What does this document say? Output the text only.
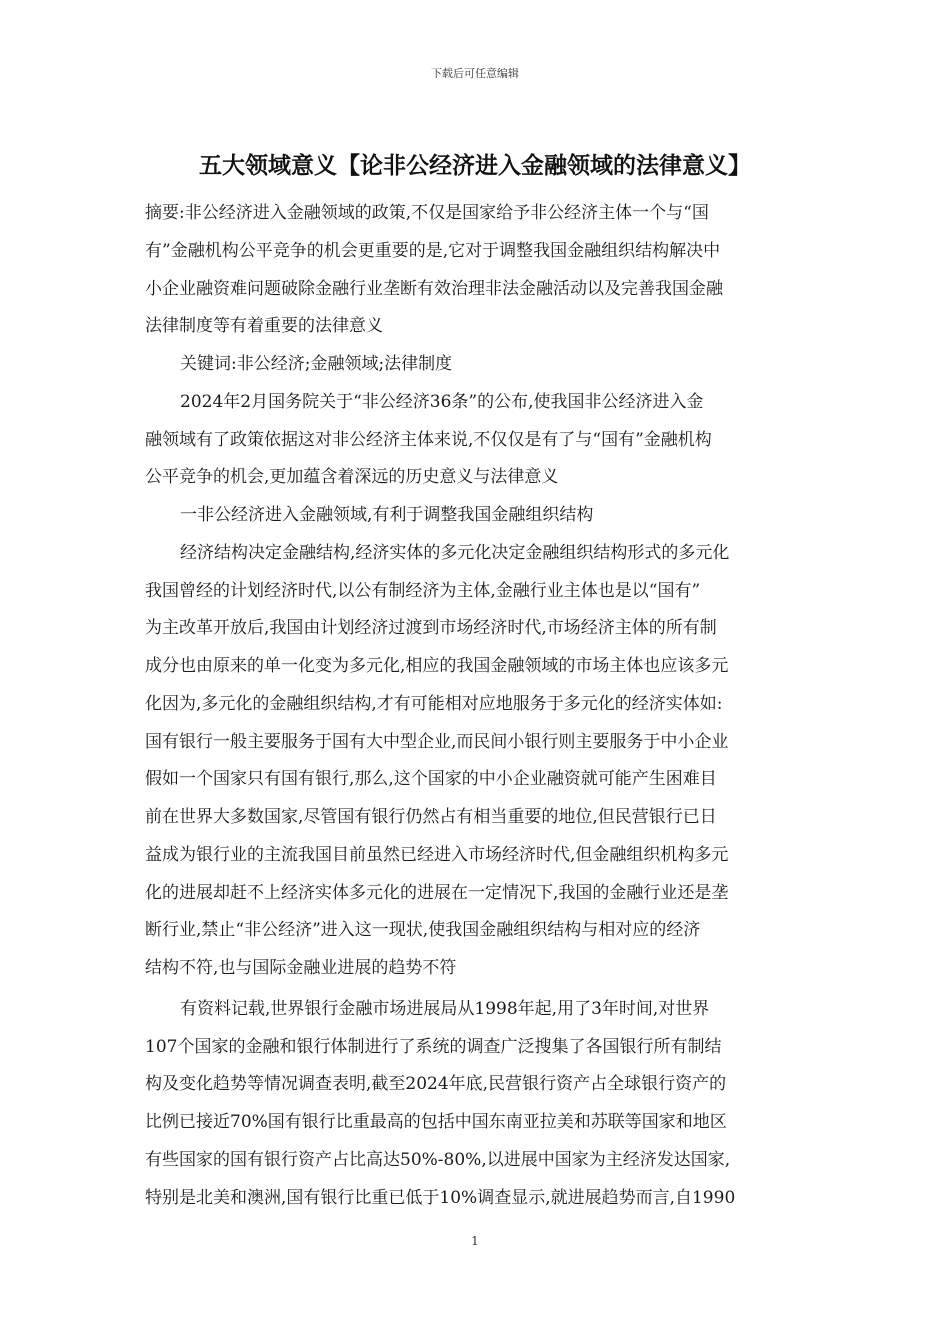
下载后可任意编辑
五大领域意义【论非公经济进入金融领域的法律意义】
摘要:非公经济进入金融领域的政策,不仅是国家给予非公经济主体一个与“国
有”金融机构公平竞争的机会更重要的是,它对于调整我国金融组织结构解决中
小企业融资难问题破除金融行业垄断有效治理非法金融活动以及完善我国金融
法律制度等有着重要的法律意义
关键词:非公经济;金融领域;法律制度
2024年2月国务院关于“非公经济36条”的公布,使我国非公经济进入金
融领域有了政策依据这对非公经济主体来说,不仅仅是有了与“国有”金融机构
公平竞争的机会,更加蕴含着深远的历史意义与法律意义
一非公经济进入金融领域,有利于调整我国金融组织结构
经济结构决定金融结构,经济实体的多元化决定金融组织结构形式的多元化
我国曾经的计划经济时代,以公有制经济为主体,金融行业主体也是以“国有”
为主改革开放后,我国由计划经济过渡到市场经济时代,市场经济主体的所有制
成分也由原来的单一化变为多元化,相应的我国金融领域的市场主体也应该多元
化因为,多元化的金融组织结构,才有可能相对应地服务于多元化的经济实体如:
国有银行一般主要服务于国有大中型企业,而民间小银行则主要服务于中小企业
假如一个国家只有国有银行,那么,这个国家的中小企业融资就可能产生困难目
前在世界大多数国家,尽管国有银行仍然占有相当重要的地位,但民营银行已日
益成为银行业的主流我国目前虽然已经进入市场经济时代,但金融组织机构多元
化的进展却赶不上经济实体多元化的进展在一定情况下,我国的金融行业还是垄
断行业,禁止“非公经济”进入这一现状,使我国金融组织结构与相对应的经济
结构不符,也与国际金融业进展的趋势不符
有资料记载,世界银行金融市场进展局从1998年起,用了3年时间,对世界
107个国家的金融和银行体制进行了系统的调查广泛搜集了各国银行所有制结
构及变化趋势等情况调查表明,截至2024年底,民营银行资产占全球银行资产的
比例已接近70%国有银行比重最高的包括中国东南亚拉美和苏联等国家和地区
有些国家的国有银行资产占比高达50%-80%,以进展中国家为主经济发达国家,
特别是北美和澳洲,国有银行比重已低于10%调查显示,就进展趋势而言,自1990
1
